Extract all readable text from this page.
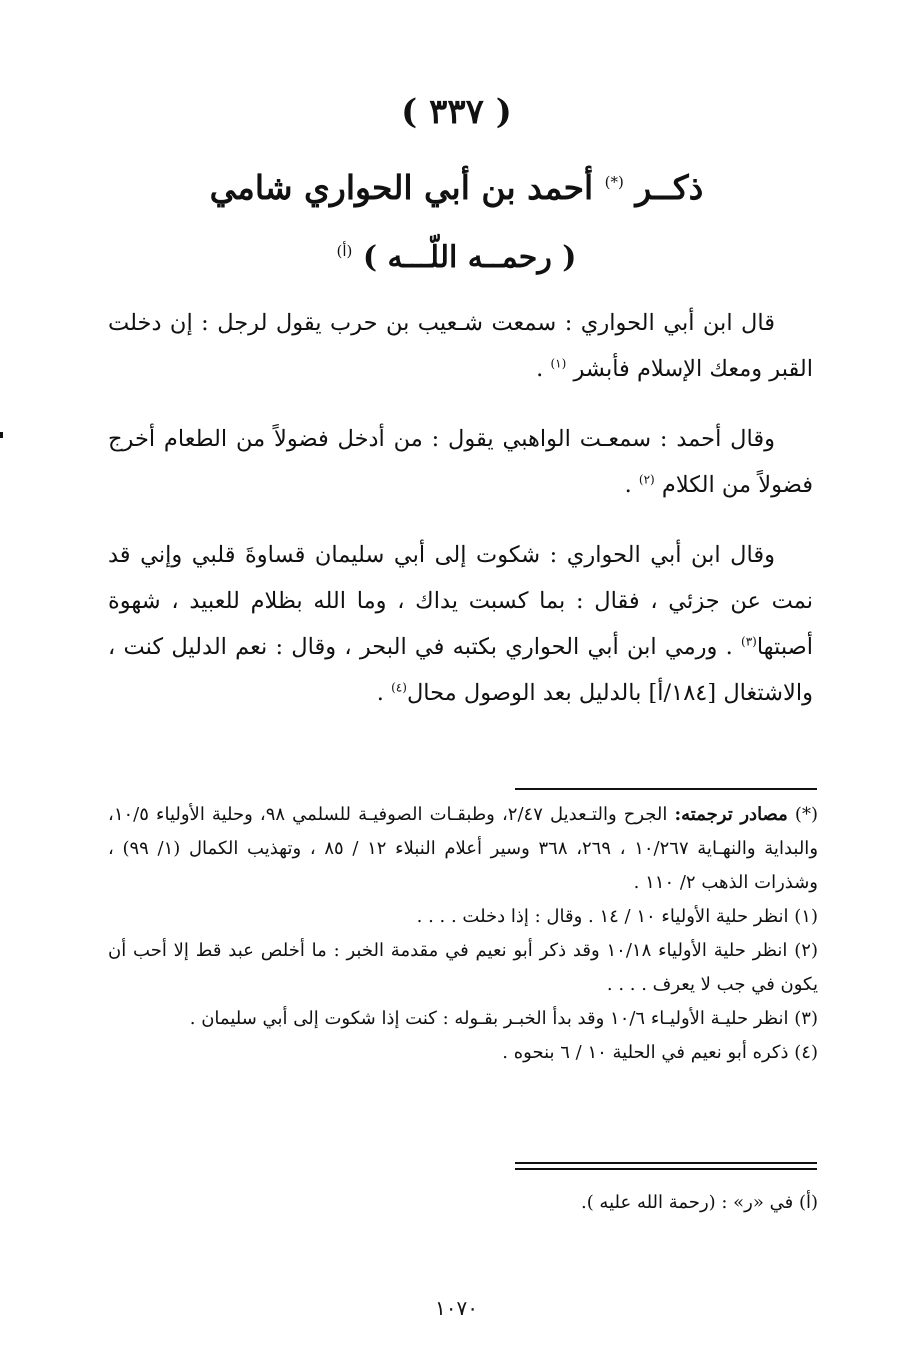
( ٣٣٧ )
ذكــر (*) أحمد بن أبي الحواري شامي
( رحمــه اللّـــه ) $^{(أ)}$

قال ابن أبي الحواري : سمعت شـعيب بن حرب يقول لرجل : إن دخلت القبر ومعك الإسلام فأبشر $^{(١)}$ .

وقال أحمد : سمعـت الواهبي يقول : من أدخل فضولاً من الطعام أخرج فضولاً من الكلام $^{(٢)}$ .

وقال ابن أبي الحواري : شكوت إلى أبي سليمان قساوةَ قلبي وإني قد نمت عن جزئي ، فقال : بما كسبت يداك ، وما الله بظلام للعبيد ، شهوة أصبتها$^{(٣)}$ . ورمي ابن أبي الحواري بكتبه في البحر ، وقال : نعم الدليل كنت ، والاشتغال [١٨٤/أ] بالدليل بعد الوصول محال$^{(٤)}$ .

(*) مصادر ترجمته: الجرح والتـعديل ٢/٤٧، وطبقـات الصوفيـة للسلمي ٩٨، وحلية الأولياء ١٠/٥، والبداية والنهـاية ١٠/٢٦٧ ، ٢٦٩، ٣٦٨ وسير أعلام النبلاء ١٢ / ٨٥ ، وتهذيب الكمال (١/ ٩٩) ، وشذرات الذهب ٢/ ١١٠ .

(١) انظر حلية الأولياء ١٠ / ١٤ . وقال : إذا دخلت . . . .

(٢) انظر حلية الأولياء ١٠/١٨ وقد ذكر أبو نعيم في مقدمة الخبر : ما أخلص عبد قط إلا أحب أن يكون في جب لا يعرف . . . .

(٣) انظر حليـة الأوليـاء ١٠/٦ وقد بدأ الخبـر بقـوله : كنت إذا شكوت إلى أبي سليمان .

(٤) ذكره أبو نعيم في الحلية ١٠ / ٦ بنحوه .

(أ) في «ر» : (رحمة الله عليه ).
١٠٧٠
